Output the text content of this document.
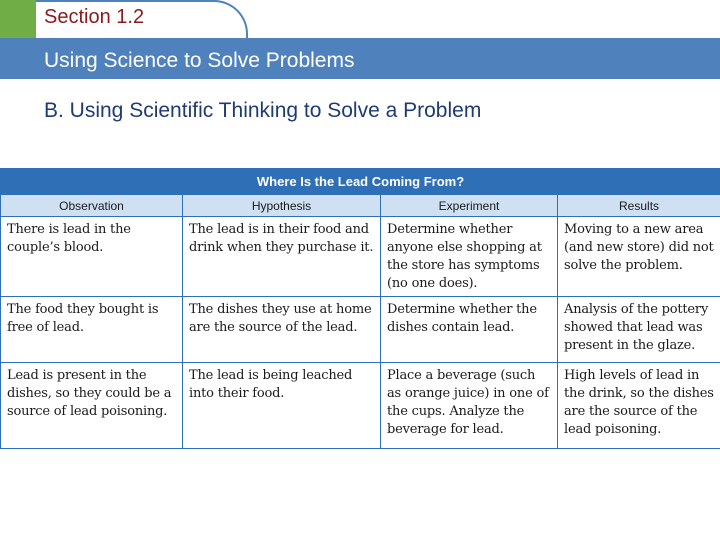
Section 1.2
Using Science to Solve Problems
B. Using Scientific Thinking to Solve a Problem
Where Is the Lead Coming From?			
Observation	Hypothesis	Experiment	Results
There is lead in the couple’s blood.	The lead is in their food and drink when they purchase it.	Determine whether anyone else shopping at the store has symptoms (no one does).	Moving to a new area (and new store) did not solve the problem.
The food they bought is free of lead.	The dishes they use at home are the source of the lead.	Determine whether the dishes contain lead.	Analysis of the pottery showed that lead was present in the glaze.
Lead is present in the dishes, so they could be a source of lead poisoning.	The lead is being leached into their food.	Place a beverage (such as orange juice) in one of the cups. Analyze the beverage for lead.	High levels of lead in the drink, so the dishes are the source of the lead poisoning.
